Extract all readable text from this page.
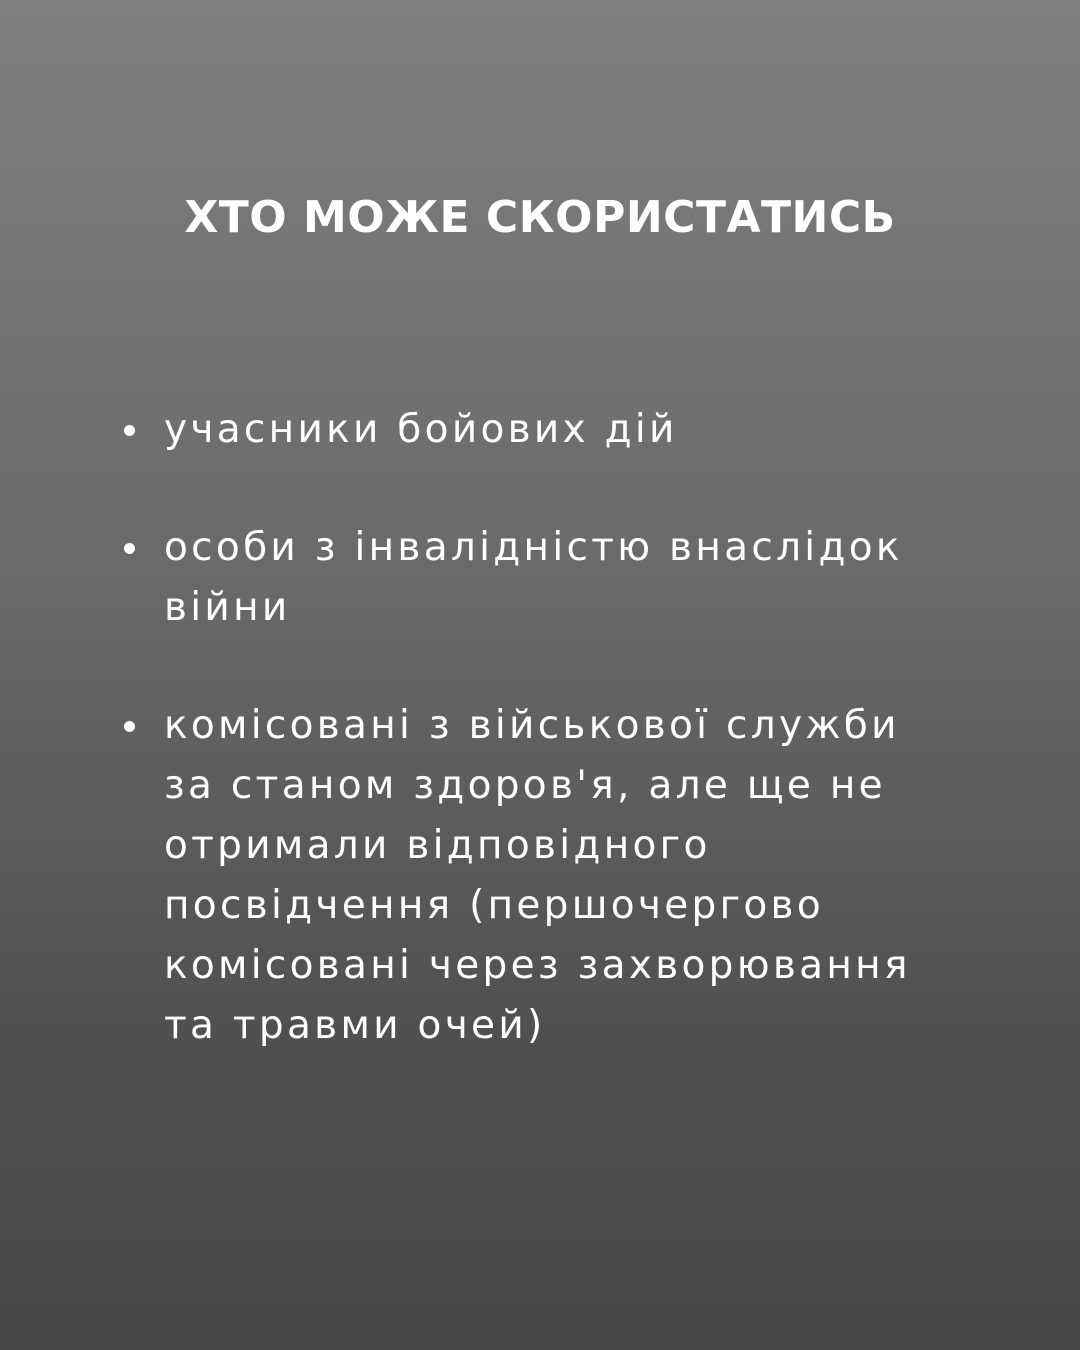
ХТО МОЖЕ СКОРИСТАТИСЬ
учасники бойових дій
особи з інвалідністю внаслідок
війни
комісовані з військової служби
за станом здоров'я, але ще не
отримали відповідного
посвідчення (першочергово
комісовані через захворювання
та травми очей)
